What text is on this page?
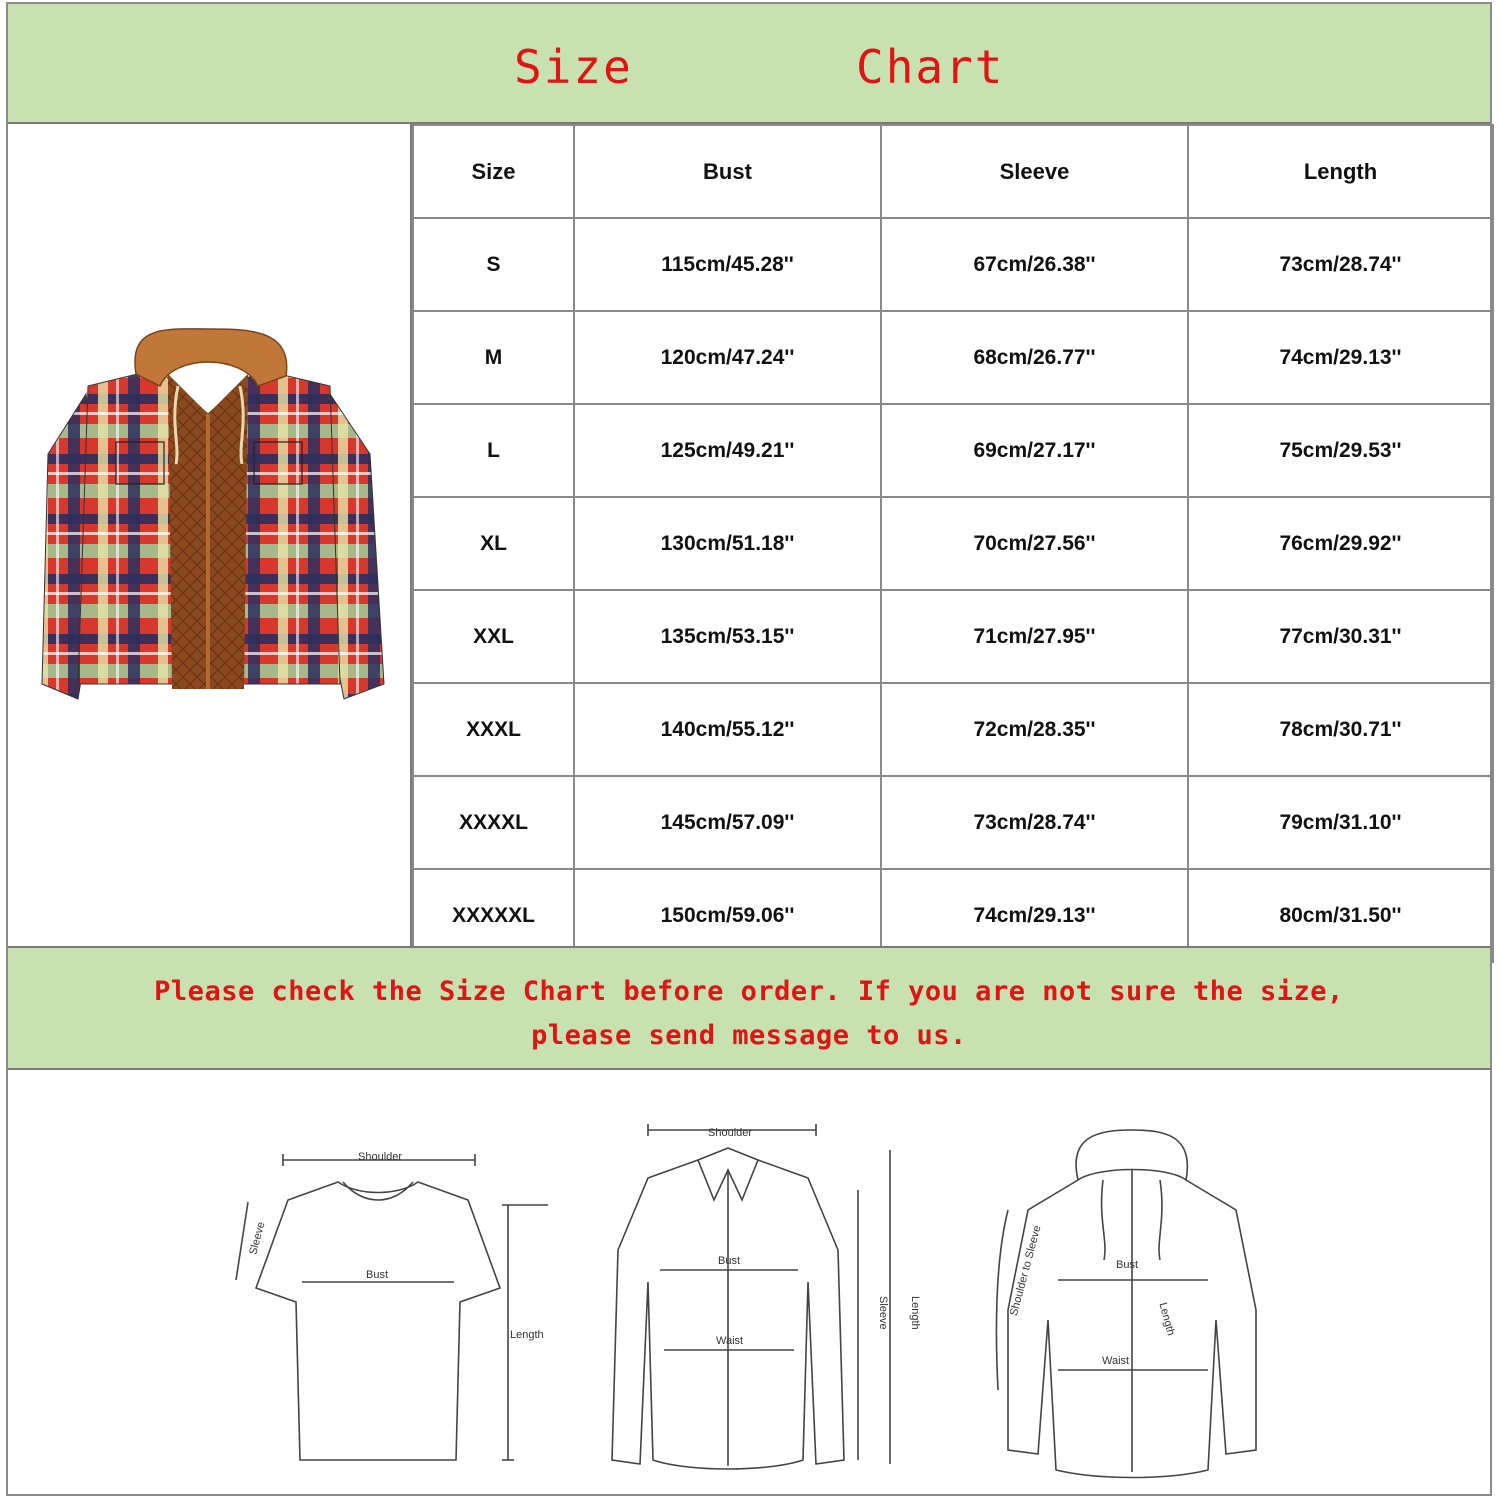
Size	Chart
Size	Bust	Sleeve	Length
S	115cm/45.28''	67cm/26.38''	73cm/28.74''
M	120cm/47.24''	68cm/26.77''	74cm/29.13''
L	125cm/49.21''	69cm/27.17''	75cm/29.53''
XL	130cm/51.18''	70cm/27.56''	76cm/29.92''
XXL	135cm/53.15''	71cm/27.95''	77cm/30.31''
XXXL	140cm/55.12''	72cm/28.35''	78cm/30.71''
XXXXL	145cm/57.09''	73cm/28.74''	79cm/31.10''
XXXXXL	150cm/59.06''	74cm/29.13''	80cm/31.50''
Please check the Size Chart before order. If you are not sure the size,
please send message to us.
Shoulder
Sleeve
Bust
Length
Shoulder
Bust
Waist
Sleeve Length	Shoulder to Sleeve	Bust
Length
Waist
